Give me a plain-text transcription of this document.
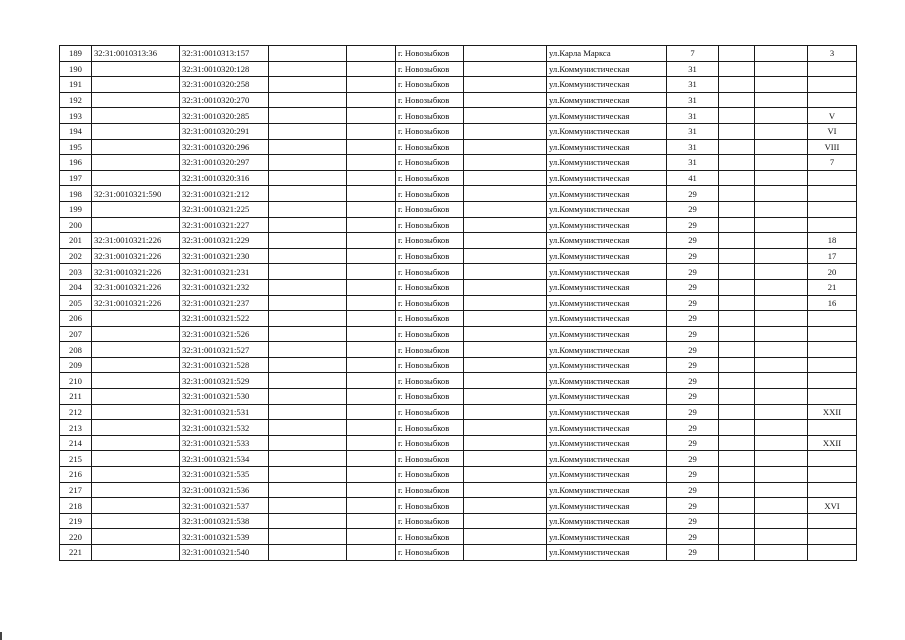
189	32:31:0010313:36	32:31:0010313:157			г. Новозыбков		ул.Карла Маркса	7			3
190		32:31:0010320:128			г. Новозыбков		ул.Коммунистическая	31			
191		32:31:0010320:258			г. Новозыбков		ул.Коммунистическая	31			
192		32:31:0010320:270			г. Новозыбков		ул.Коммунистическая	31			
193		32:31:0010320:285			г. Новозыбков		ул.Коммунистическая	31			V
194		32:31:0010320:291			г. Новозыбков		ул.Коммунистическая	31			VI
195		32:31:0010320:296			г. Новозыбков		ул.Коммунистическая	31			VIII
196		32:31:0010320:297			г. Новозыбков		ул.Коммунистическая	31			7
197		32:31:0010320:316			г. Новозыбков		ул.Коммунистическая	41			
198	32:31:0010321:590	32:31:0010321:212			г. Новозыбков		ул.Коммунистическая	29			
199		32:31:0010321:225			г. Новозыбков		ул.Коммунистическая	29			
200		32:31:0010321:227			г. Новозыбков		ул.Коммунистическая	29			
201	32:31:0010321:226	32:31:0010321:229			г. Новозыбков		ул.Коммунистическая	29			18
202	32:31:0010321:226	32:31:0010321:230			г. Новозыбков		ул.Коммунистическая	29			17
203	32:31:0010321:226	32:31:0010321:231			г. Новозыбков		ул.Коммунистическая	29			20
204	32:31:0010321:226	32:31:0010321:232			г. Новозыбков		ул.Коммунистическая	29			21
205	32:31:0010321:226	32:31:0010321:237			г. Новозыбков		ул.Коммунистическая	29			16
206		32:31:0010321:522			г. Новозыбков		ул.Коммунистическая	29			
207		32:31:0010321:526			г. Новозыбков		ул.Коммунистическая	29			
208		32:31:0010321:527			г. Новозыбков		ул.Коммунистическая	29			
209		32:31:0010321:528			г. Новозыбков		ул.Коммунистическая	29			
210		32:31:0010321:529			г. Новозыбков		ул.Коммунистическая	29			
211		32:31:0010321:530			г. Новозыбков		ул.Коммунистическая	29			
212		32:31:0010321:531			г. Новозыбков		ул.Коммунистическая	29			XXII
213		32:31:0010321:532			г. Новозыбков		ул.Коммунистическая	29			
214		32:31:0010321:533			г. Новозыбков		ул.Коммунистическая	29			XXII
215		32:31:0010321:534			г. Новозыбков		ул.Коммунистическая	29			
216		32:31:0010321:535			г. Новозыбков		ул.Коммунистическая	29			
217		32:31:0010321:536			г. Новозыбков		ул.Коммунистическая	29			
218		32:31:0010321:537			г. Новозыбков		ул.Коммунистическая	29			XVI
219		32:31:0010321:538			г. Новозыбков		ул.Коммунистическая	29			
220		32:31:0010321:539			г. Новозыбков		ул.Коммунистическая	29			
221		32:31:0010321:540			г. Новозыбков		ул.Коммунистическая	29			
